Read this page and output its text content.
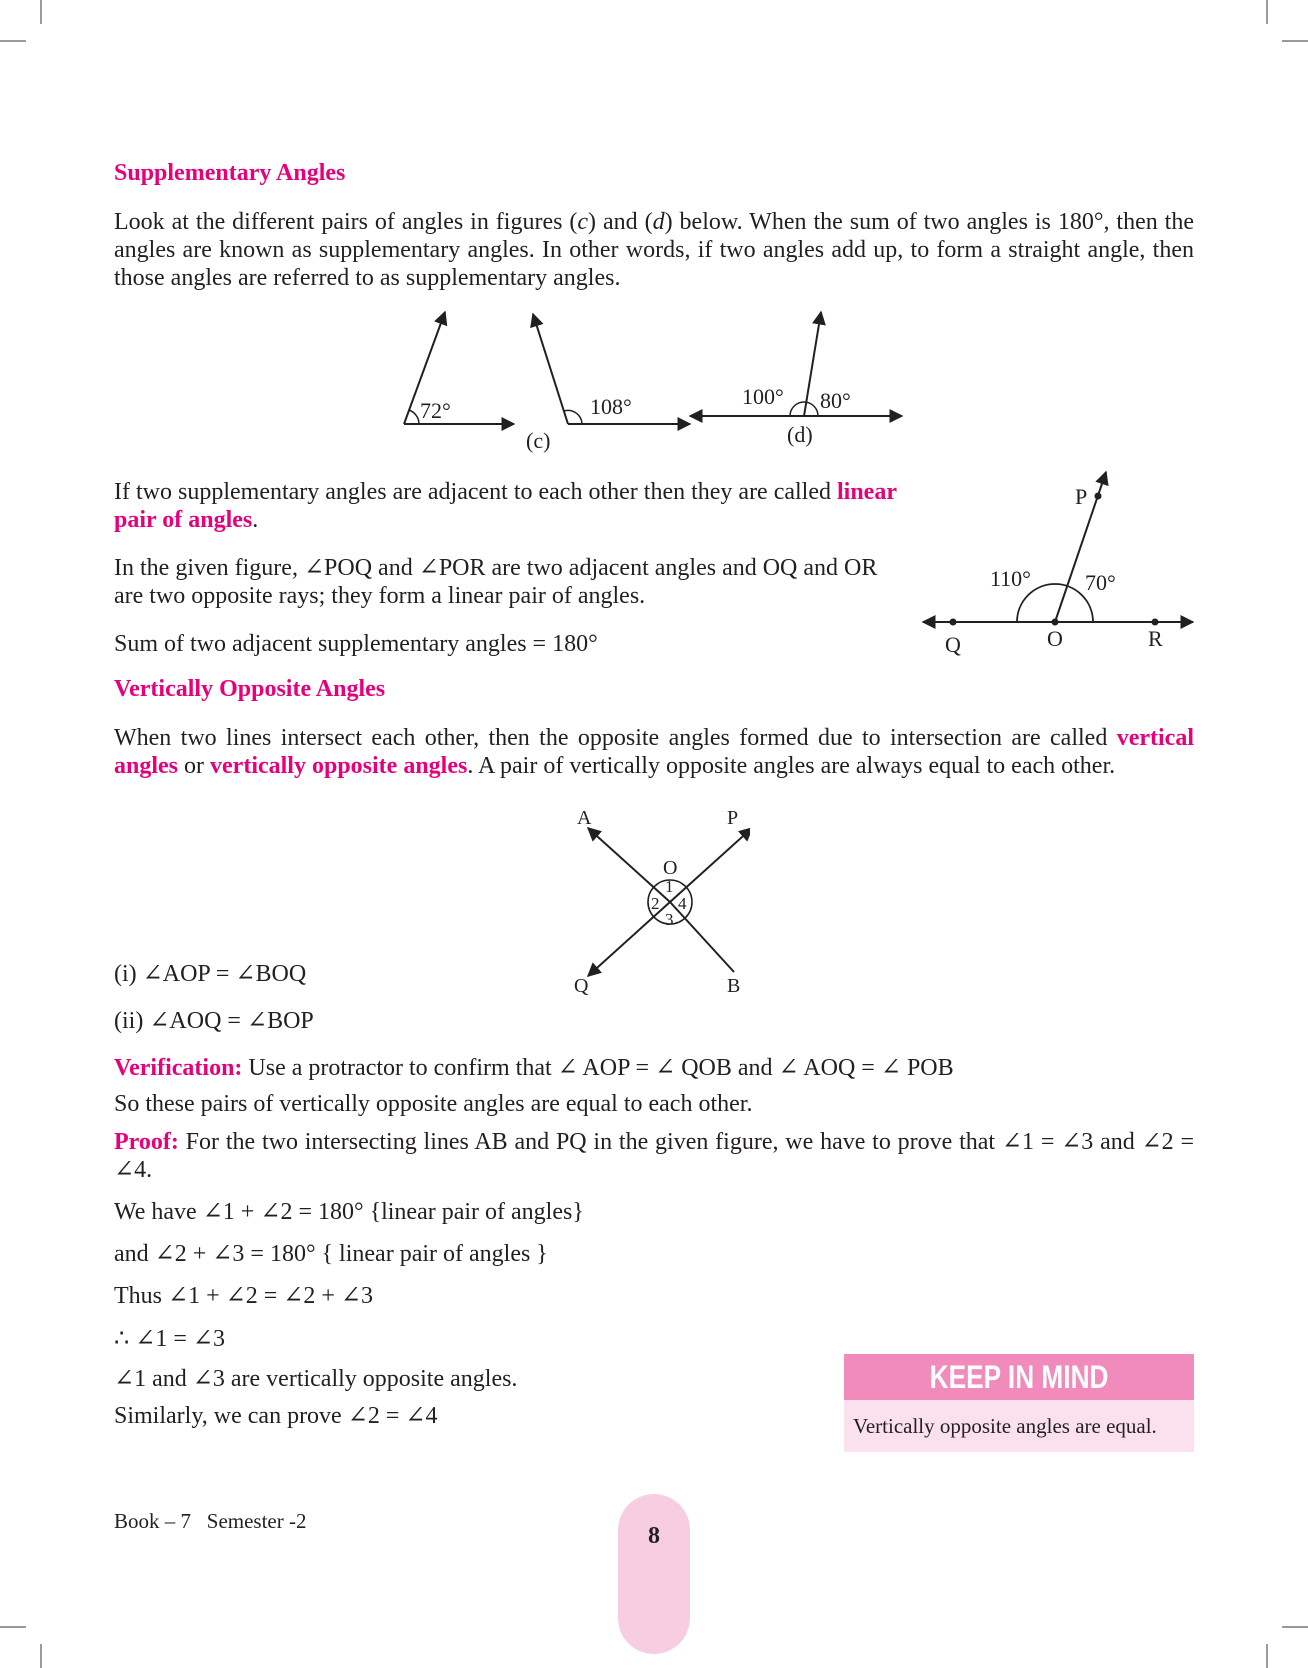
Supplementary Angles
Look at the different pairs of angles in figures (c) and (d) below. When the sum of two angles is 180°, then the angles are known as supplementary angles. In other words, if two angles add up, to form a straight angle, then those angles are referred to as supplementary angles.
72°	108°
(c)
100° 80°
(d)
If two supplementary angles are adjacent to each other then they are called linear pair of angles.
In the given figure, ∠POQ and ∠POR are two adjacent angles and OQ and OR are two opposite rays; they form a linear pair of angles.
Sum of two adjacent supplementary angles = 180°
P
110° 70°
Q	O	R
Vertically Opposite Angles
When two lines intersect each other, then the opposite angles formed due to intersection are called vertical angles or vertically opposite angles. A pair of vertically opposite angles are always equal to each other.
A	P
O
1
2
3
4
Q	B
(i) ∠AOP = ∠BOQ
(ii) ∠AOQ = ∠BOP
Verification: Use a protractor to confirm that ∠ AOP = ∠ QOB and ∠ AOQ = ∠ POB
So these pairs of vertically opposite angles are equal to each other.
Proof: For the two intersecting lines AB and PQ in the given figure, we have to prove that ∠1 = ∠3 and ∠2 = ∠4.
We have ∠1 + ∠2 = 180° {linear pair of angles}
and ∠2 + ∠3 = 180° { linear pair of angles }
Thus ∠1 + ∠2 = ∠2 + ∠3
∴ ∠1 = ∠3
∠1 and ∠3 are vertically opposite angles.
Similarly, we can prove ∠2 = ∠4
KEEP IN MIND
Vertically opposite angles are equal.
Book – 7 Semester -2
8
